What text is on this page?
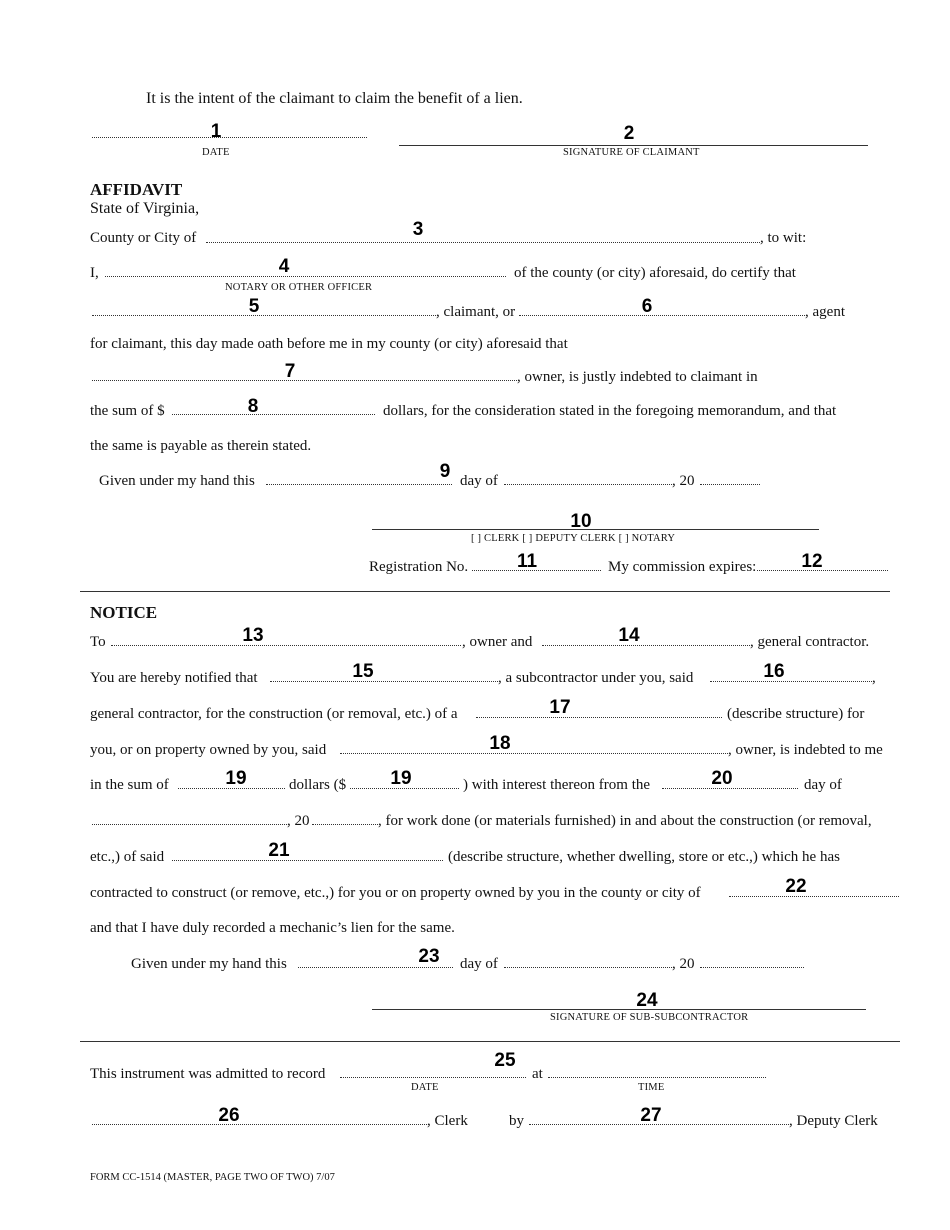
It is the intent of the claimant to claim the benefit of a lien.
1
DATE
2
SIGNATURE OF CLAIMANT
AFFIDAVIT
State of Virginia,
County or City of	3	, to wit:
I,	4	of the county (or city) aforesaid, do certify that
NOTARY OR OTHER OFFICER
5	, claimant, or	6	, agent
for claimant, this day made oath before me in my county (or city) aforesaid that
7	, owner, is justly indebted to claimant in
the sum of $	8	dollars, for the consideration stated in the foregoing memorandum, and that
the same is payable as therein stated.
Given under my hand this	9 day of	, 20
10
[ ] CLERK [ ] DEPUTY CLERK [ ] NOTARY
Registration No.	11	My commission expires: 12
NOTICE
To	13	, owner and	14	, general contractor.
You are hereby notified that	15	, a subcontractor under you, said	16	,
general contractor, for the construction (or removal, etc.) of a	17	(describe structure) for
you, or on property owned by you, said	18	, owner, is indebted to me
in the sum of	19	dollars ($ 19	) with interest thereon from the	20	day of
, 20	, for work done (or materials furnished) in and about the construction (or removal,
etc.,) of said	21	(describe structure, whether dwelling, store or etc.,) which he has
contracted to construct (or remove, etc.,) for you or on property owned by you in the county or city of	22
and that I have duly recorded a mechanic’s lien for the same.
Given under my hand this	23 day of	, 20
24
SIGNATURE OF SUB-SUBCONTRACTOR
This instrument was admitted to record
25
at
DATE	TIME
26	, Clerk	by	27	, Deputy Clerk
FORM CC-1514 (MASTER, PAGE TWO OF TWO) 7/07
